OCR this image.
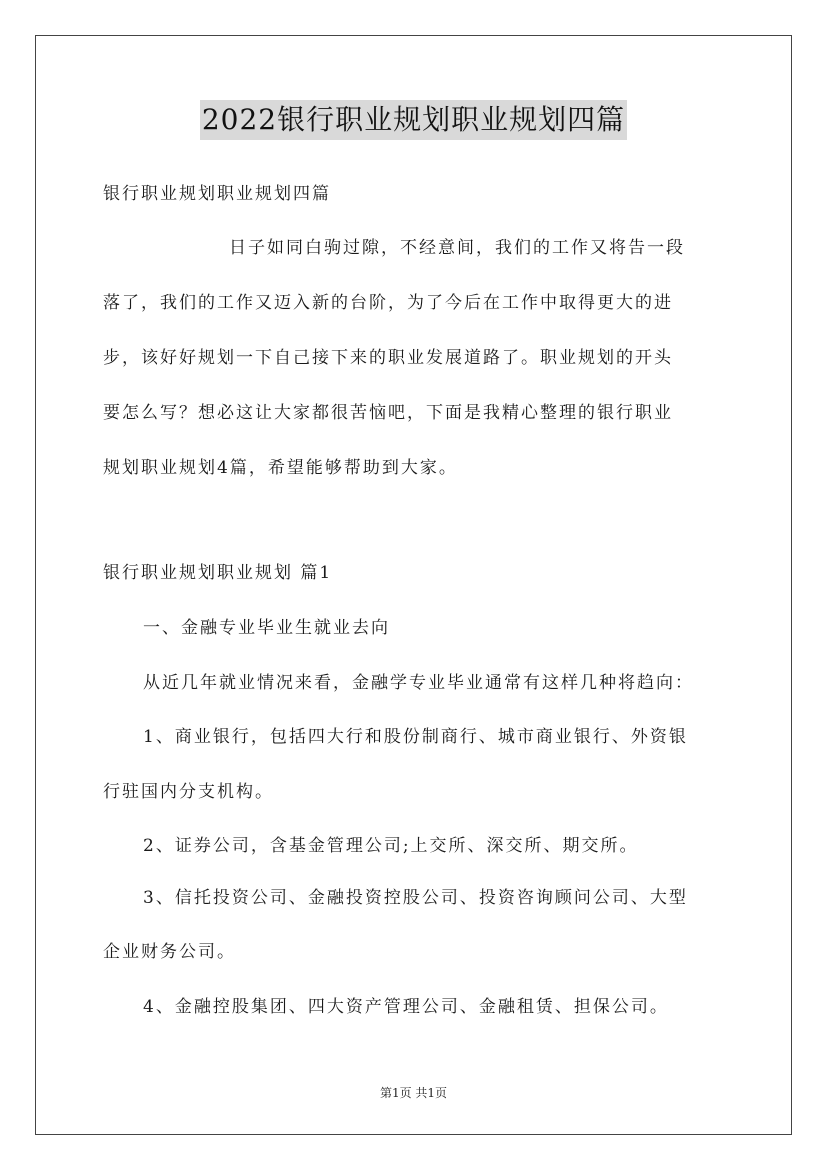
2022银行职业规划职业规划四篇
银行职业规划职业规划四篇
日子如同白驹过隙，不经意间，我们的工作又将告一段
落了，我们的工作又迈入新的台阶，为了今后在工作中取得更大的进
步，该好好规划一下自己接下来的职业发展道路了。职业规划的开头
要怎么写？想必这让大家都很苦恼吧，下面是我精心整理的银行职业
规划职业规划4篇，希望能够帮助到大家。
银行职业规划职业规划 篇1
一、金融专业毕业生就业去向
从近几年就业情况来看，金融学专业毕业通常有这样几种将趋向：
1、商业银行，包括四大行和股份制商行、城市商业银行、外资银
行驻国内分支机构。
2、证券公司，含基金管理公司;上交所、深交所、期交所。
3、信托投资公司、金融投资控股公司、投资咨询顾问公司、大型
企业财务公司。
4、金融控股集团、四大资产管理公司、金融租赁、担保公司。
第1页 共1页
